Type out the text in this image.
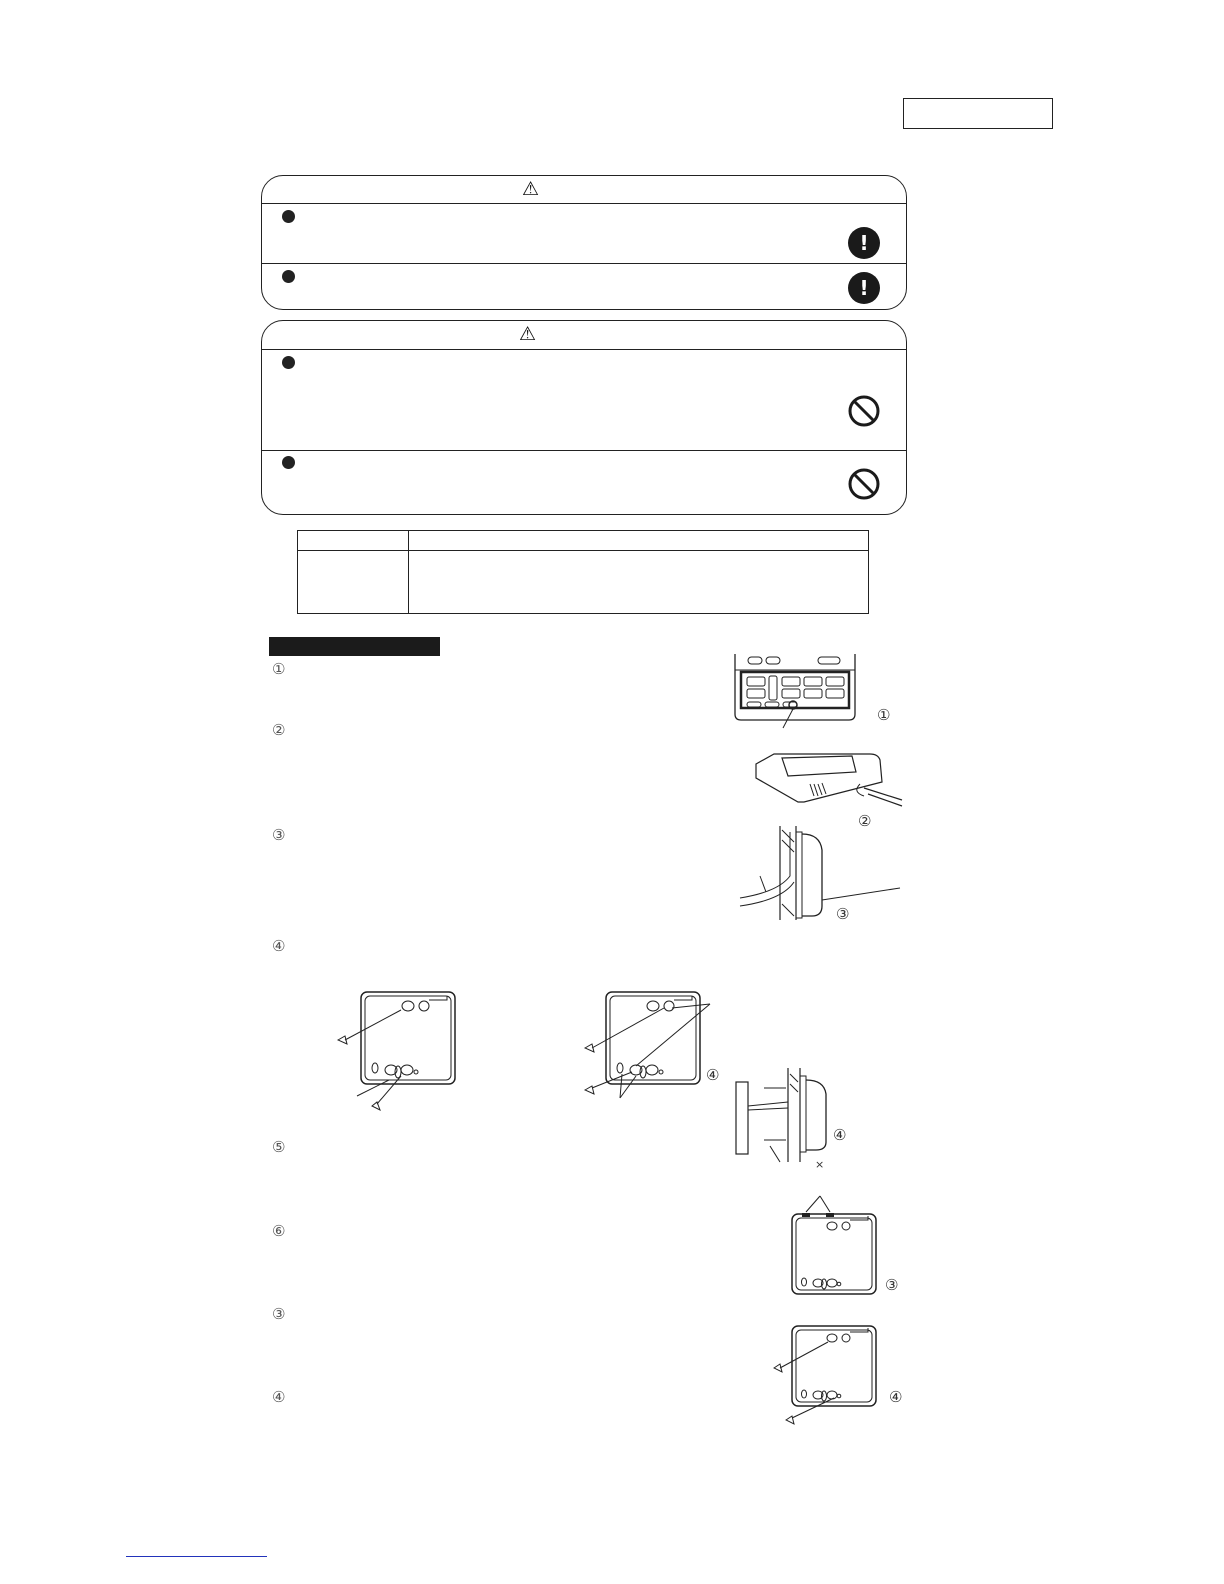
⚠
!
!
⚠
①
②
③
④
⑤
⑥
③
④
①
②
③
④
④
×
③
④
